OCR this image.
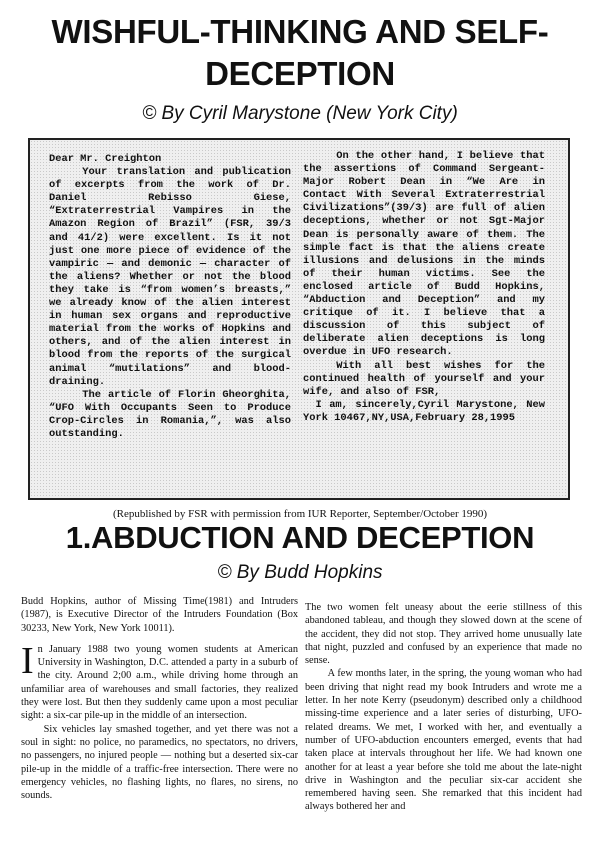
WISHFUL-THINKING AND SELF-
DECEPTION
© By Cyril Marystone (New York City)

Dear Mr. Creighton

Your translation and publication of excerpts from the work of Dr. Daniel Rebisso Giese, “Extraterrestrial Vampires in the Amazon Region of Brazil” (FSR, 39/3 and 41/2) were excellent. Is it not just one more piece of evidence of the vampiric — and demonic — character of the aliens? Whether or not the blood they take is “from women’s breasts,” we already know of the alien interest in human sex organs and reproductive material from the works of Hopkins and others, and of the alien interest in blood from the reports of the surgical animal “mutilations” and blood-draining.

The article of Florin Gheorghita, “UFO With Occupants Seen to Produce Crop-Circles in Romania,”, was also outstanding.

On the other hand, I believe that the assertions of Command Sergeant-Major Robert Dean in “We Are in Contact With Several Extraterrestrial Civilizations”(39/3) are full of alien deceptions, whether or not Sgt-Major Dean is personally aware of them. The simple fact is that the aliens create illusions and delusions in the minds of their human victims. See the enclosed article of Budd Hopkins, “Abduction and Deception” and my critique of it. I believe that a discussion of this subject of deliberate alien deceptions is long overdue in UFO research.

With all best wishes for the continued health of yourself and your wife, and also of FSR,

I am, sincerely,Cyril Marystone, New York 10467,NY,USA,February 28,1995

(Republished by FSR with permission from IUR Reporter, September/October 1990)
1.ABDUCTION AND DECEPTION
© By Budd Hopkins

Budd Hopkins, author of Missing Time(1981) and Intruders (1987), is Executive Director of the Intruders Foundation (Box 30233, New York, New York 10011).

In January 1988 two young women students at American University in Washington, D.C. attended a party in a suburb of the city. Around 2;00 a.m., while driving home through an unfamiliar area of warehouses and small factories, they realized they were lost. But then they suddenly came upon a most peculiar sight: a six-car pile-up in the middle of an intersection.

Six vehicles lay smashed together, and yet there was not a soul in sight: no police, no paramedics, no spectators, no drivers, no passengers, no injured people — nothing but a deserted six-car pile-up in the middle of a traffic-free intersection. There were no emergency vehicles, no flashing lights, no flares, no sirens, no sounds.

The two women felt uneasy about the eerie stillness of this abandoned tableau, and though they slowed down at the scene of the accident, they did not stop. They arrived home unusually late that night, puzzled and confused by an experience that made no sense.

A few months later, in the spring, the young woman who had been driving that night read my book Intruders and wrote me a letter. In her note Kerry (pseudonym) described only a childhood missing-time experience and a later series of disturbing, UFO-related dreams. We met, I worked with her, and eventually a number of UFO-abduction encounters emerged, events that had taken place at intervals throughout her life. We had known one another for at least a year before she told me about the late-night drive in Washington and the peculiar six-car accident she remembered having seen. She remarked that this incident had always bothered her and
